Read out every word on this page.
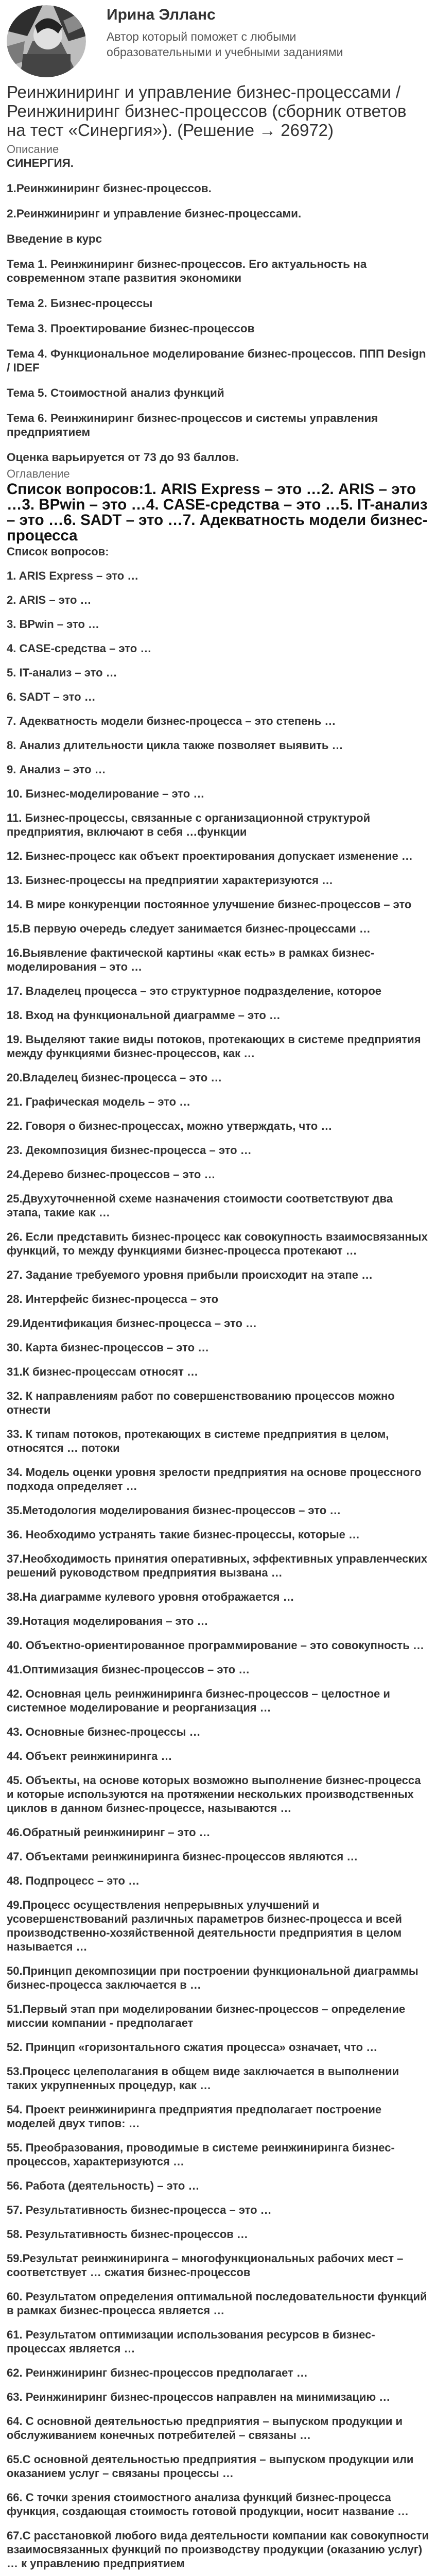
Ирина Элланс
Автор который поможет с любыми образовательными и учебными заданиями
Реинжиниринг и управление бизнес-процессами / Реинжиниринг бизнес-процессов (сборник ответов на тест «Синергия»). (Решение → 26972)
Описание
СИНЕРГИЯ.
1.Реинжиниринг бизнес-процессов.
2.Реинжиниринг и управление бизнес-процессами.
Введение в курс
Тема 1. Реинжиниринг бизнес-процессов. Его актуальность на современном этапе развития экономики
Тема 2. Бизнес-процессы
Тема 3. Проектирование бизнес-процессов
Тема 4. Функциональное моделирование бизнес-процессов. ППП Design / IDEF
Тема 5. Стоимостной анализ функций
Тема 6. Реинжиниринг бизнес-процессов и системы управления предприятием
Оценка варьируется от 73 до 93 баллов.
Оглавление
Список вопросов:1. ARIS Express – это …2. ARIS – это …3. BPwin – это …4. CASE-средства – это …5. IT-анализ – это …6. SADT – это …7. Адекватность модели бизнес-процесса
Список вопросов:
1. ARIS Express – это …
2. ARIS – это …
3. BPwin – это …
4. CASE-средства – это …
5. IT-анализ – это …
6. SADT – это …
7. Адекватность модели бизнес-процесса – это степень …
8. Анализ длительности цикла также позволяет выявить …
9. Анализ – это …
10. Бизнес-моделирование – это …
11. Бизнес-процессы, связанные с организационной структурой предприятия, включают в себя …функции
12. Бизнес-процесс как объект проектирования допускает изменение …
13. Бизнес-процессы на предприятии характеризуются …
14. В мире конкуренции постоянное улучшение бизнес-процессов – это
15.В первую очередь следует занимается бизнес-процессами …
16.Выявление фактической картины «как есть» в рамках бизнес-моделирования – это …
17. Владелец процесса – это структурное подразделение, которое
18. Вход на функциональной диаграмме – это …
19. Выделяют такие виды потоков, протекающих в системе предприятия между функциями бизнес-процессов, как …
20.Владелец бизнес-процесса – это …
21. Графическая модель – это …
22. Говоря о бизнес-процессах, можно утверждать, что …
23. Декомпозиция бизнес-процесса – это …
24.Дерево бизнес-процессов – это …
25.Двухуточненной схеме назначения стоимости соответствуют два этапа, такие как …
26. Если представить бизнес-процесс как совокупность взаимосвязанных функций, то между функциями бизнес-процесса протекают …
27. Задание требуемого уровня прибыли происходит на этапе …
28. Интерфейс бизнес-процесса – это
29.Идентификация бизнес-процесса – это …
30. Карта бизнес-процессов – это …
31.К бизнес-процессам относят …
32. К направлениям работ по совершенствованию процессов можно отнести
33. К типам потоков, протекающих в системе предприятия в целом, относятся … потоки
34. Модель оценки уровня зрелости предприятия на основе процессного подхода определяет …
35.Методология моделирования бизнес-процессов – это …
36. Необходимо устранять такие бизнес-процессы, которые …
37.Необходимость принятия оперативных, эффективных управленческих решений руководством предприятия вызвана …
38.На диаграмме кулевого уровня отображается …
39.Нотация моделирования – это …
40. Объектно-ориентированное программирование – это совокупность …
41.Оптимизация бизнес-процессов – это …
42. Основная цель реинжиниринга бизнес-процессов – целостное и системное моделирование и реорганизация …
43. Основные бизнес-процессы …
44. Объект реинжиниринга …
45. Объекты, на основе которых возможно выполнение бизнес-процесса и которые используются на протяжении нескольких производственных циклов в данном бизнес-процессе, называются …
46.Обратный реинжиниринг – это …
47. Объектами реинжиниринга бизнес-процессов являются …
48. Подпроцесс – это …
49.Процесс осуществления непрерывных улучшений и усовершенствований различных параметров бизнес-процесса и всей производственно-хозяйственной деятельности предприятия в целом называется …
50.Принцип декомпозиции при построении функциональной диаграммы бизнес-процесса заключается в …
51.Первый этап при моделировании бизнес-процессов – определение миссии компании - предполагает
52. Принцип «горизонтального сжатия процесса» означает, что …
53.Процесс целеполагания в общем виде заключается в выполнении таких укрупненных процедур, как …
54. Проект реинжиниринга предприятия предполагает построение моделей двух типов: …
55. Преобразования, проводимые в системе реинжиниринга бизнес-процессов, характеризуются …
56. Работа (деятельность) – это …
57. Результативность бизнес-процесса – это …
58. Результативность бизнес-процессов …
59.Результат реинжиниринга – многофункциональных рабочих мест – соответствует … сжатия бизнес-процессов
60. Результатом определения оптимальной последовательности функций в рамках бизнес-процесса является …
61. Результатом оптимизации использования ресурсов в бизнес-процессах является …
62. Реинжиниринг бизнес-процессов предполагает …
63. Реинжиниринг бизнес-процессов направлен на минимизацию …
64. С основной деятельностью предприятия – выпуском продукции и обслуживанием конечных потребителей – связаны …
65.С основной деятельностью предприятия – выпуском продукции или оказанием услуг – связаны процессы …
66. С точки зрения стоимостного анализа функций бизнес-процесса функция, создающая стоимость готовой продукции, носит название …
67.С расстановкой любого вида деятельности компании как совокупности взаимосвязанных функций по производству продукции (оказанию услуг) … к управлению предприятием
